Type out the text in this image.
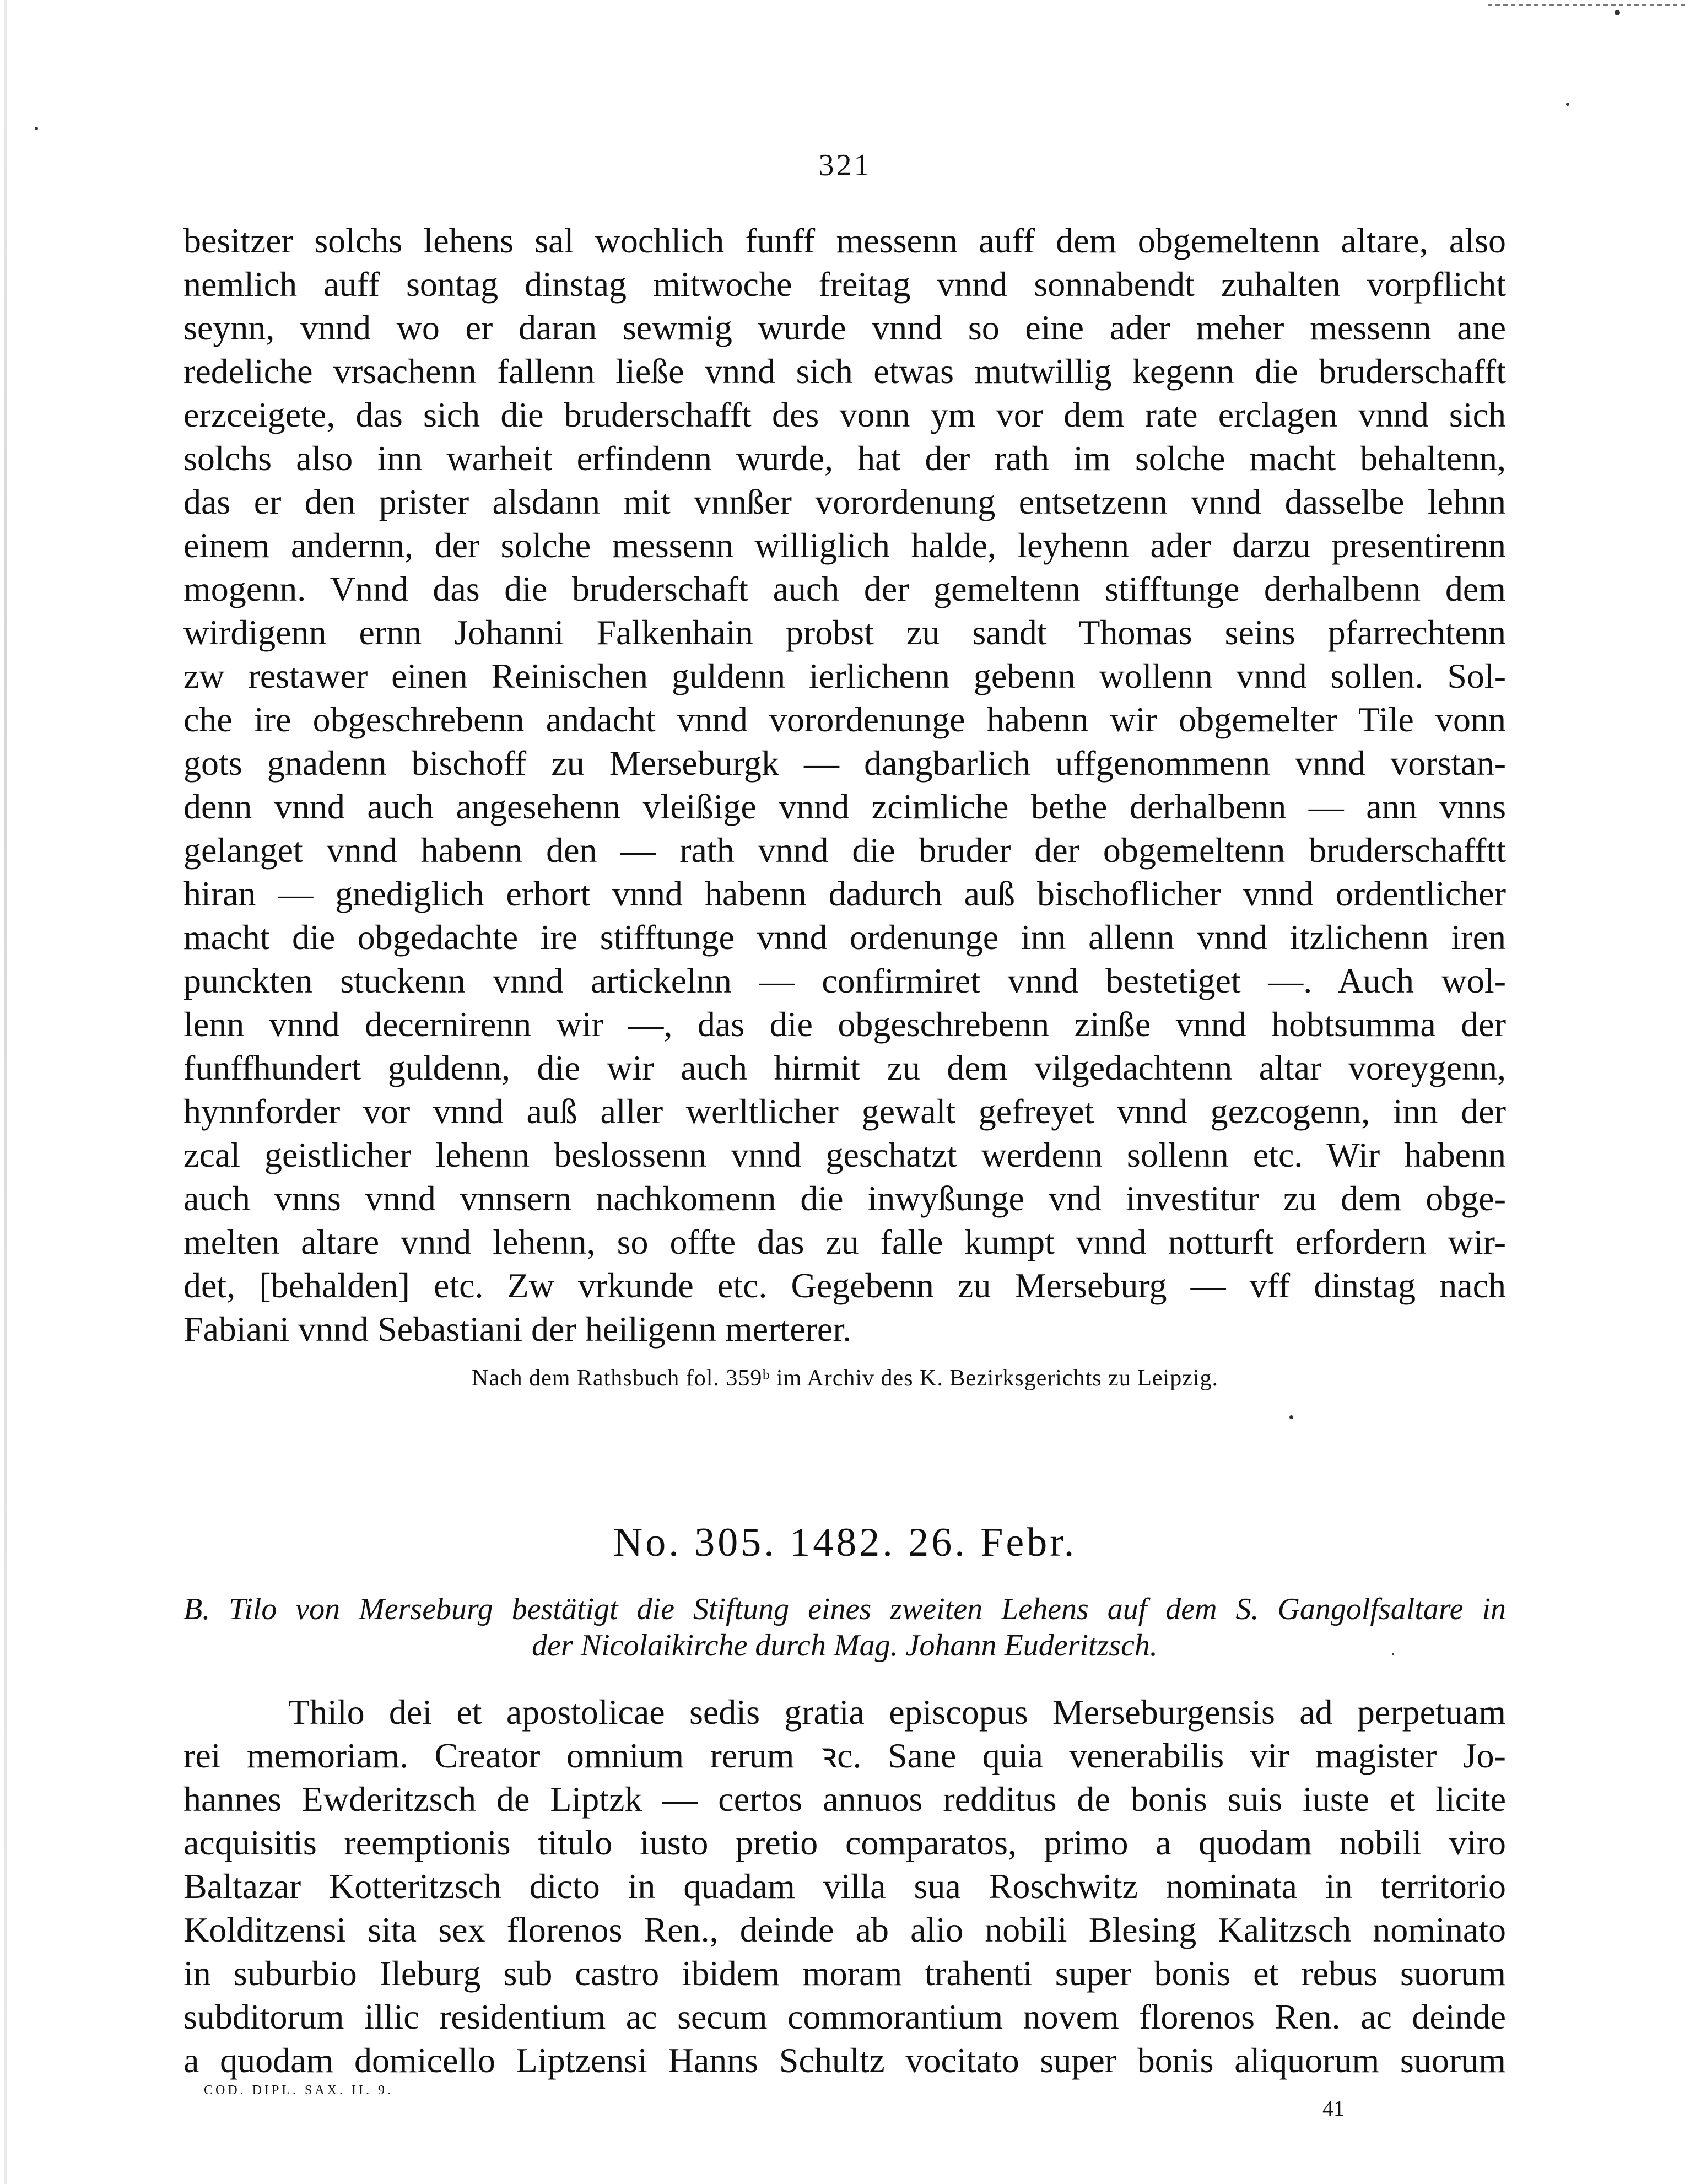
321
besitzer solchs lehens sal wochlich funff messenn auff dem obgemeltenn altare, also
nemlich auff sontag dinstag mitwoche freitag vnnd sonnabendt zuhalten vorpflicht
seynn, vnnd wo er daran sewmig wurde vnnd so eine ader meher messenn ane
redeliche vrsachenn fallenn ließe vnnd sich etwas mutwillig kegenn die bruderschafft
erzceigete, das sich die bruderschafft des vonn ym vor dem rate erclagen vnnd sich
solchs also inn warheit erfindenn wurde, hat der rath im solche macht behaltenn,
das er den prister alsdann mit vnnßer vorordenung entsetzenn vnnd dasselbe lehnn
einem andernn, der solche messenn williglich halde, leyhenn ader darzu presentirenn
mogenn. Vnnd das die bruderschaft auch der gemeltenn stifftunge derhalbenn dem
wirdigenn ernn Johanni Falkenhain probst zu sandt Thomas seins pfarrechtenn
zw restawer einen Reinischen guldenn ierlichenn gebenn wollenn vnnd sollen. Sol-
che ire obgeschrebenn andacht vnnd vorordenunge habenn wir obgemelter Tile vonn
gots gnadenn bischoff zu Merseburgk — dangbarlich uffgenommenn vnnd vorstan-
denn vnnd auch angesehenn vleißige vnnd zcimliche bethe derhalbenn — ann vnns
gelanget vnnd habenn den — rath vnnd die bruder der obgemeltenn bruderschafftt
hiran — gnediglich erhort vnnd habenn dadurch auß bischoflicher vnnd ordentlicher
macht die obgedachte ire stifftunge vnnd ordenunge inn allenn vnnd itzlichenn iren
punckten stuckenn vnnd artickelnn — confirmiret vnnd bestetiget —. Auch wol-
lenn vnnd decernirenn wir —, das die obgeschrebenn zinße vnnd hobtsumma der
funffhundert guldenn, die wir auch hirmit zu dem vilgedachtenn altar voreygenn,
hynnforder vor vnnd auß aller werltlicher gewalt gefreyet vnnd gezcogenn, inn der
zcal geistlicher lehenn beslossenn vnnd geschatzt werdenn sollenn etc. Wir habenn
auch vnns vnnd vnnsern nachkomenn die inwyßunge vnd investitur zu dem obge-
melten altare vnnd lehenn, so offte das zu falle kumpt vnnd notturft erfordern wir-
det, [behalden] etc. Zw vrkunde etc. Gegebenn zu Merseburg — vff dinstag nach
Fabiani vnnd Sebastiani der heiligenn merterer.
Nach dem Rathsbuch fol. 359ᵇ im Archiv des K. Bezirksgerichts zu Leipzig.
No. 305. 1482. 26. Febr.
B. Tilo von Merseburg bestätigt die Stiftung eines zweiten Lehens auf dem S. Gangolfsaltare in
der Nicolaikirche durch Mag. Johann Euderitzsch.
Thilo dei et apostolicae sedis gratia episcopus Merseburgensis ad perpetuam
rei memoriam. Creator omnium rerum ꝛc. Sane quia venerabilis vir magister Jo-
hannes Ewderitzsch de Liptzk — certos annuos redditus de bonis suis iuste et licite
acquisitis reemptionis titulo iusto pretio comparatos, primo a quodam nobili viro
Baltazar Kotteritzsch dicto in quadam villa sua Roschwitz nominata in territorio
Kolditzensi sita sex florenos Ren., deinde ab alio nobili Blesing Kalitzsch nominato
in suburbio Ileburg sub castro ibidem moram trahenti super bonis et rebus suorum
subditorum illic residentium ac secum commorantium novem florenos Ren. ac deinde
a quodam domicello Liptzensi Hanns Schultz vocitato super bonis aliquorum suorum
COD. DIPL. SAX. II. 9.
41
